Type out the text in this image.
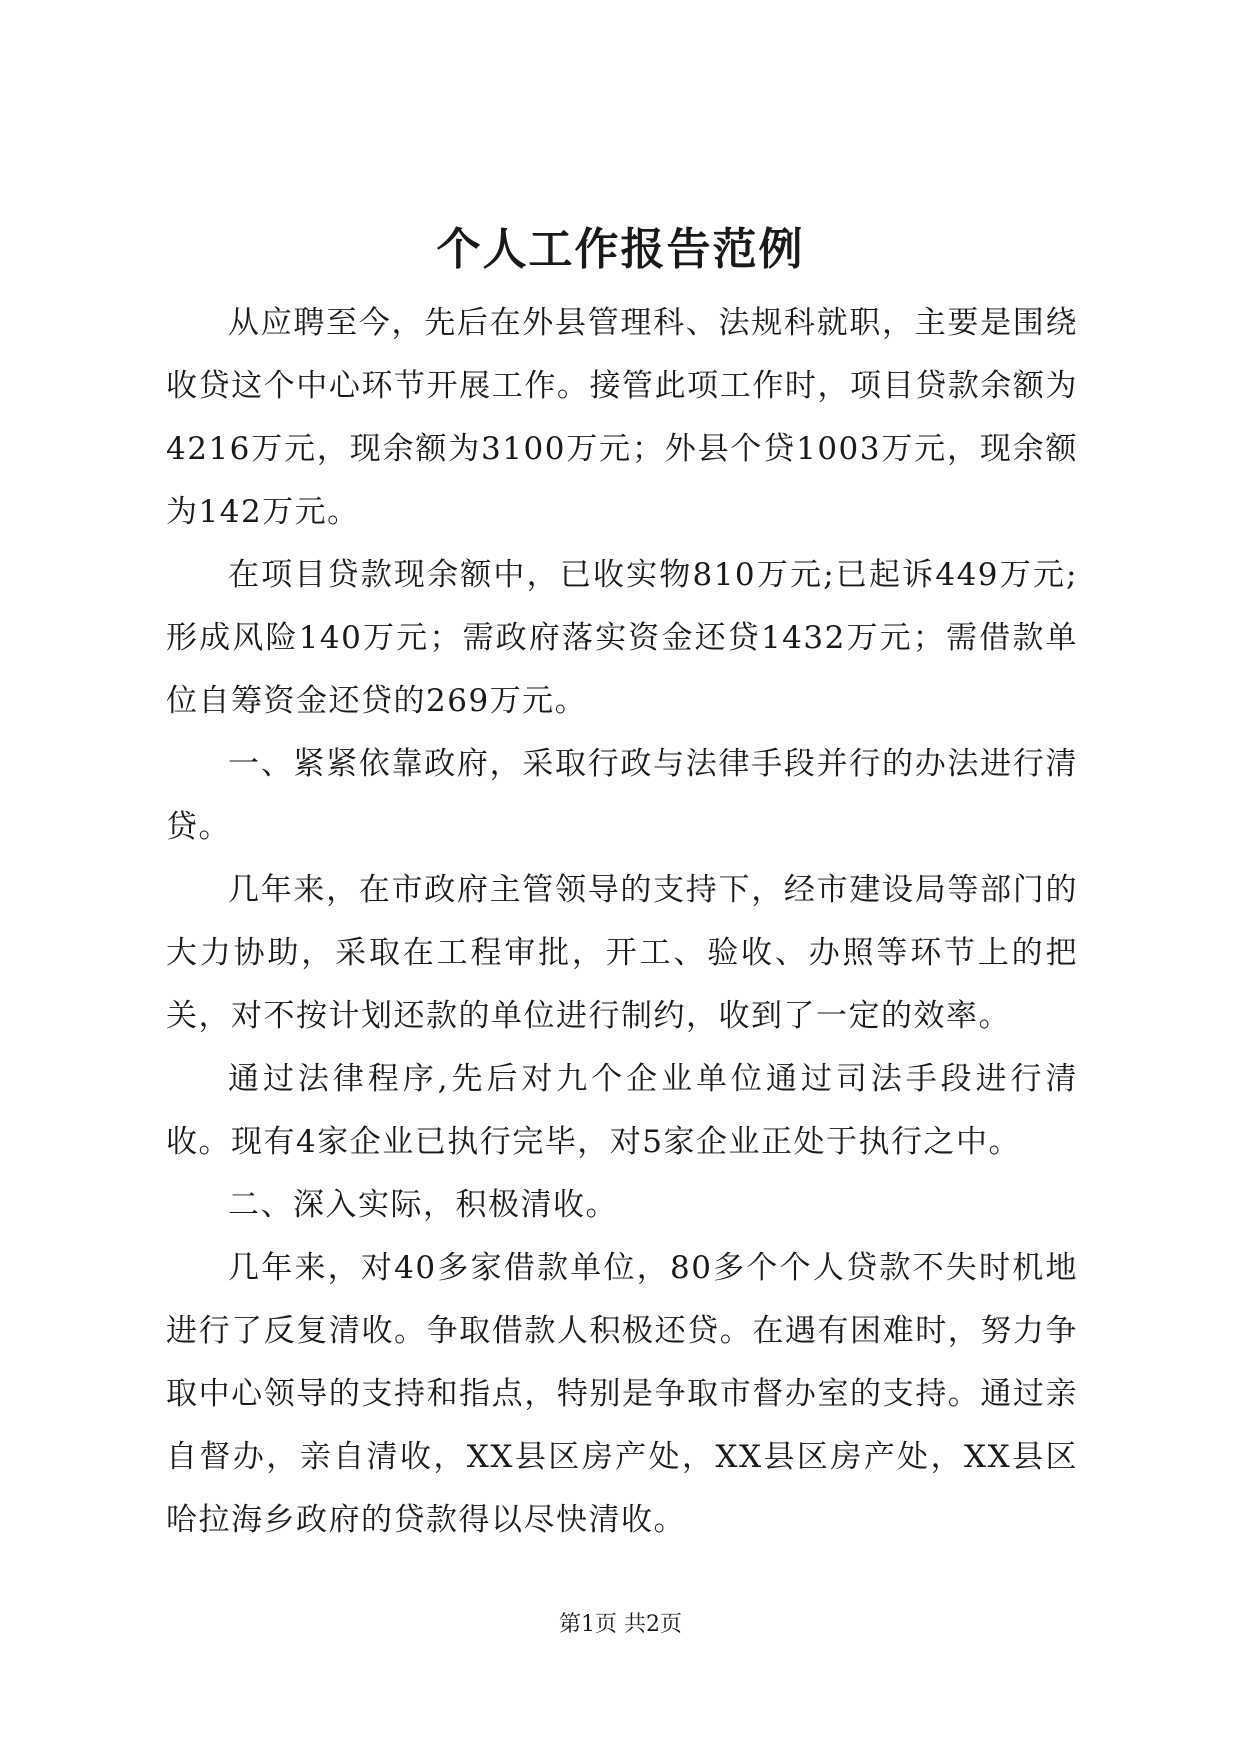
个人工作报告范例

从应聘至今，先后在外县管理科、法规科就职，主要是围绕收贷这个中心环节开展工作。接管此项工作时，项目贷款余额为4216万元，现余额为3100万元；外县个贷1003万元，现余额为142万元。

在项目贷款现余额中，已收实物810万元;已起诉449万元;形成风险140万元；需政府落实资金还贷1432万元；需借款单位自筹资金还贷的269万元。

一、紧紧依靠政府，采取行政与法律手段并行的办法进行清贷。

几年来，在市政府主管领导的支持下，经市建设局等部门的大力协助，采取在工程审批，开工、验收、办照等环节上的把关，对不按计划还款的单位进行制约，收到了一定的效率。

通过法律程序,先后对九个企业单位通过司法手段进行清收。现有4家企业已执行完毕，对5家企业正处于执行之中。

二、深入实际，积极清收。

几年来，对40多家借款单位，80多个个人贷款不失时机地进行了反复清收。争取借款人积极还贷。在遇有困难时，努力争取中心领导的支持和指点，特别是争取市督办室的支持。通过亲自督办，亲自清收，XX县区房产处，XX县区房产处，XX县区哈拉海乡政府的贷款得以尽快清收。

第1页 共2页
